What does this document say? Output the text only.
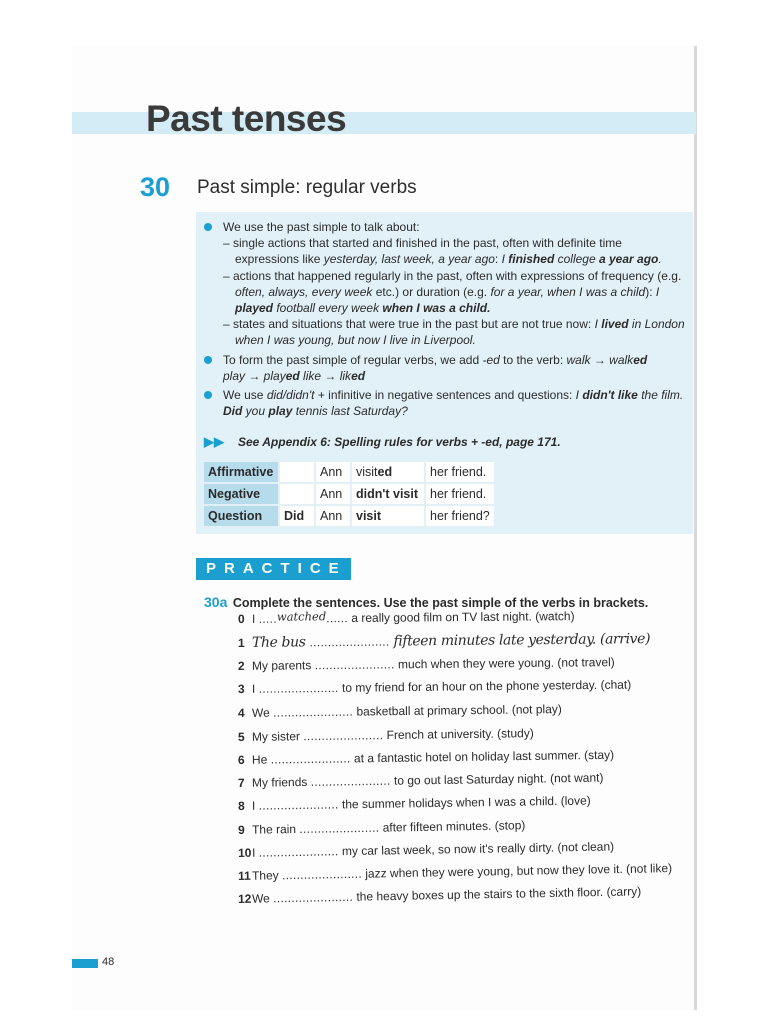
Past tenses
30 Past simple: regular verbs
We use the past simple to talk about:
– single actions that started and finished in the past, often with definite time expressions like yesterday, last week, a year ago: I finished college a year ago.
– actions that happened regularly in the past, often with expressions of frequency (e.g. often, always, every week etc.) or duration (e.g. for a year, when I was a child): I played football every week when I was a child.
– states and situations that were true in the past but are not true now: I lived in London when I was young, but now I live in Liverpool.
To form the past simple of regular verbs, we add -ed to the verb: walk → walked
play → played like → liked
We use did/didn't + infinitive in negative sentences and questions: I didn't like the film. Did you play tennis last Saturday?
▶▶ See Appendix 6: Spelling rules for verbs + -ed, page 171.
Affirmative		Ann	visited	her friend.
Negative		Ann	didn't visit	her friend.
Question	Did	Ann	visit	her friend?
PRACTICE
30a Complete the sentences. Use the past simple of the verbs in brackets.
0 I .....watched...... a really good film on TV last night. (watch)
1 The bus ...................... fifteen minutes late yesterday. (arrive)
2 My parents ...................... much when they were young. (not travel)
3 I ...................... to my friend for an hour on the phone yesterday. (chat)
4 We ...................... basketball at primary school. (not play)
5 My sister ...................... French at university. (study)
6 He ...................... at a fantastic hotel on holiday last summer. (stay)
7 My friends ...................... to go out last Saturday night. (not want)
8 I ...................... the summer holidays when I was a child. (love)
9 The rain ...................... after fifteen minutes. (stop)
10I ...................... my car last week, so now it's really dirty. (not clean)
11They ...................... jazz when they were young, but now they love it. (not like)
12We ...................... the heavy boxes up the stairs to the sixth floor. (carry)
48
